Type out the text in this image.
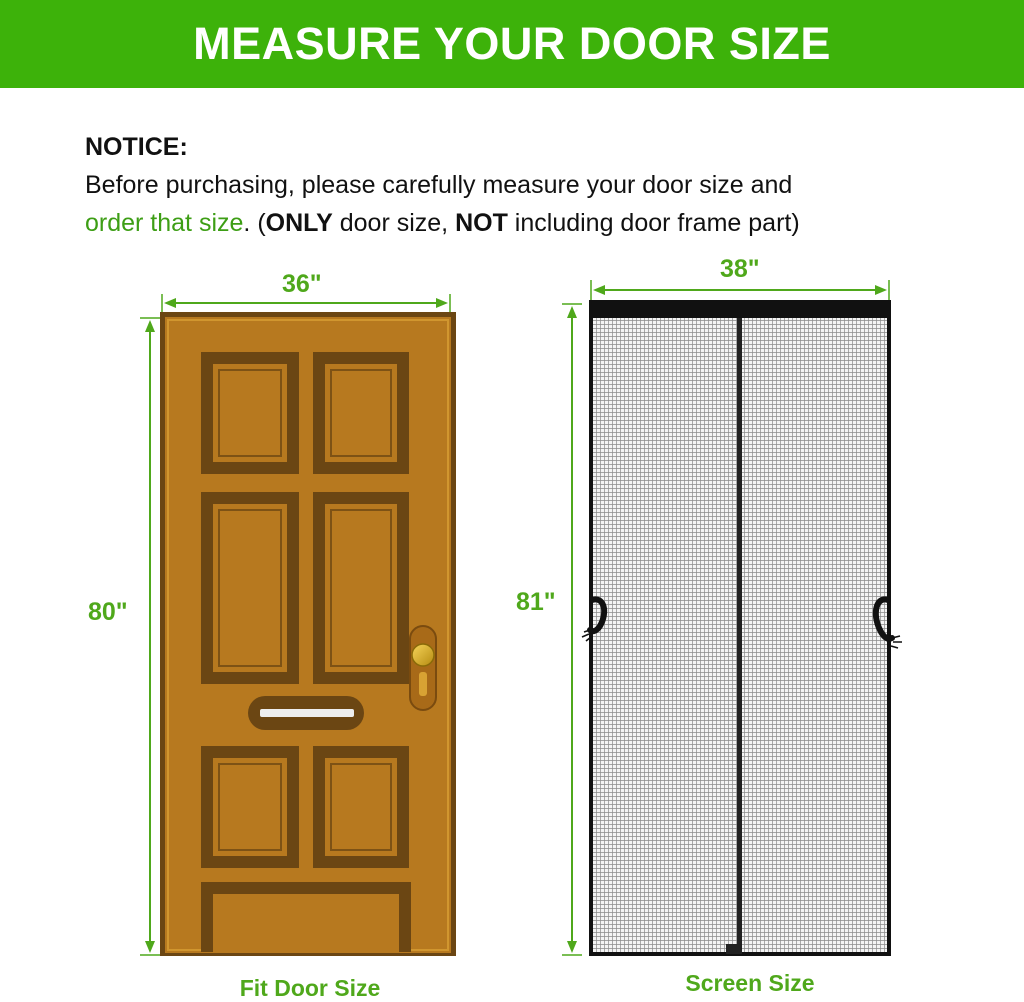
MEASURE YOUR DOOR SIZE
NOTICE:
Before purchasing, please carefully measure your door size and
order that size. (ONLY door size, NOT including door frame part)
36"
80"
38"
81"
Fit Door Size	Screen Size
